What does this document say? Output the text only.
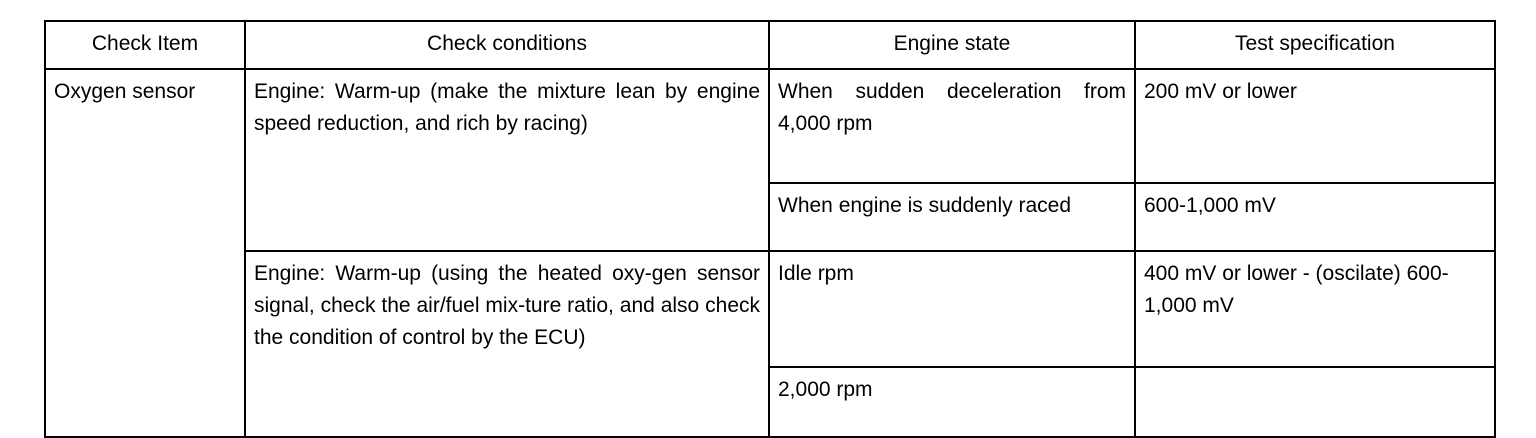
Check Item	Check conditions	Engine state	Test specification
Oxygen sensor	Engine: Warm-up (make the mixture lean by engine speed reduction, and rich by racing)	When sudden deceleration from 4,000 rpm	200 mV or lower
		When engine is suddenly raced	600-1,000 mV
	Engine: Warm-up (using the heated oxy-gen sensor signal, check the air/fuel mix-ture ratio, and also check the condition of control by the ECU)	Idle rpm	400 mV or lower - (oscilate) 600-1,000 mV
		2,000 rpm	
